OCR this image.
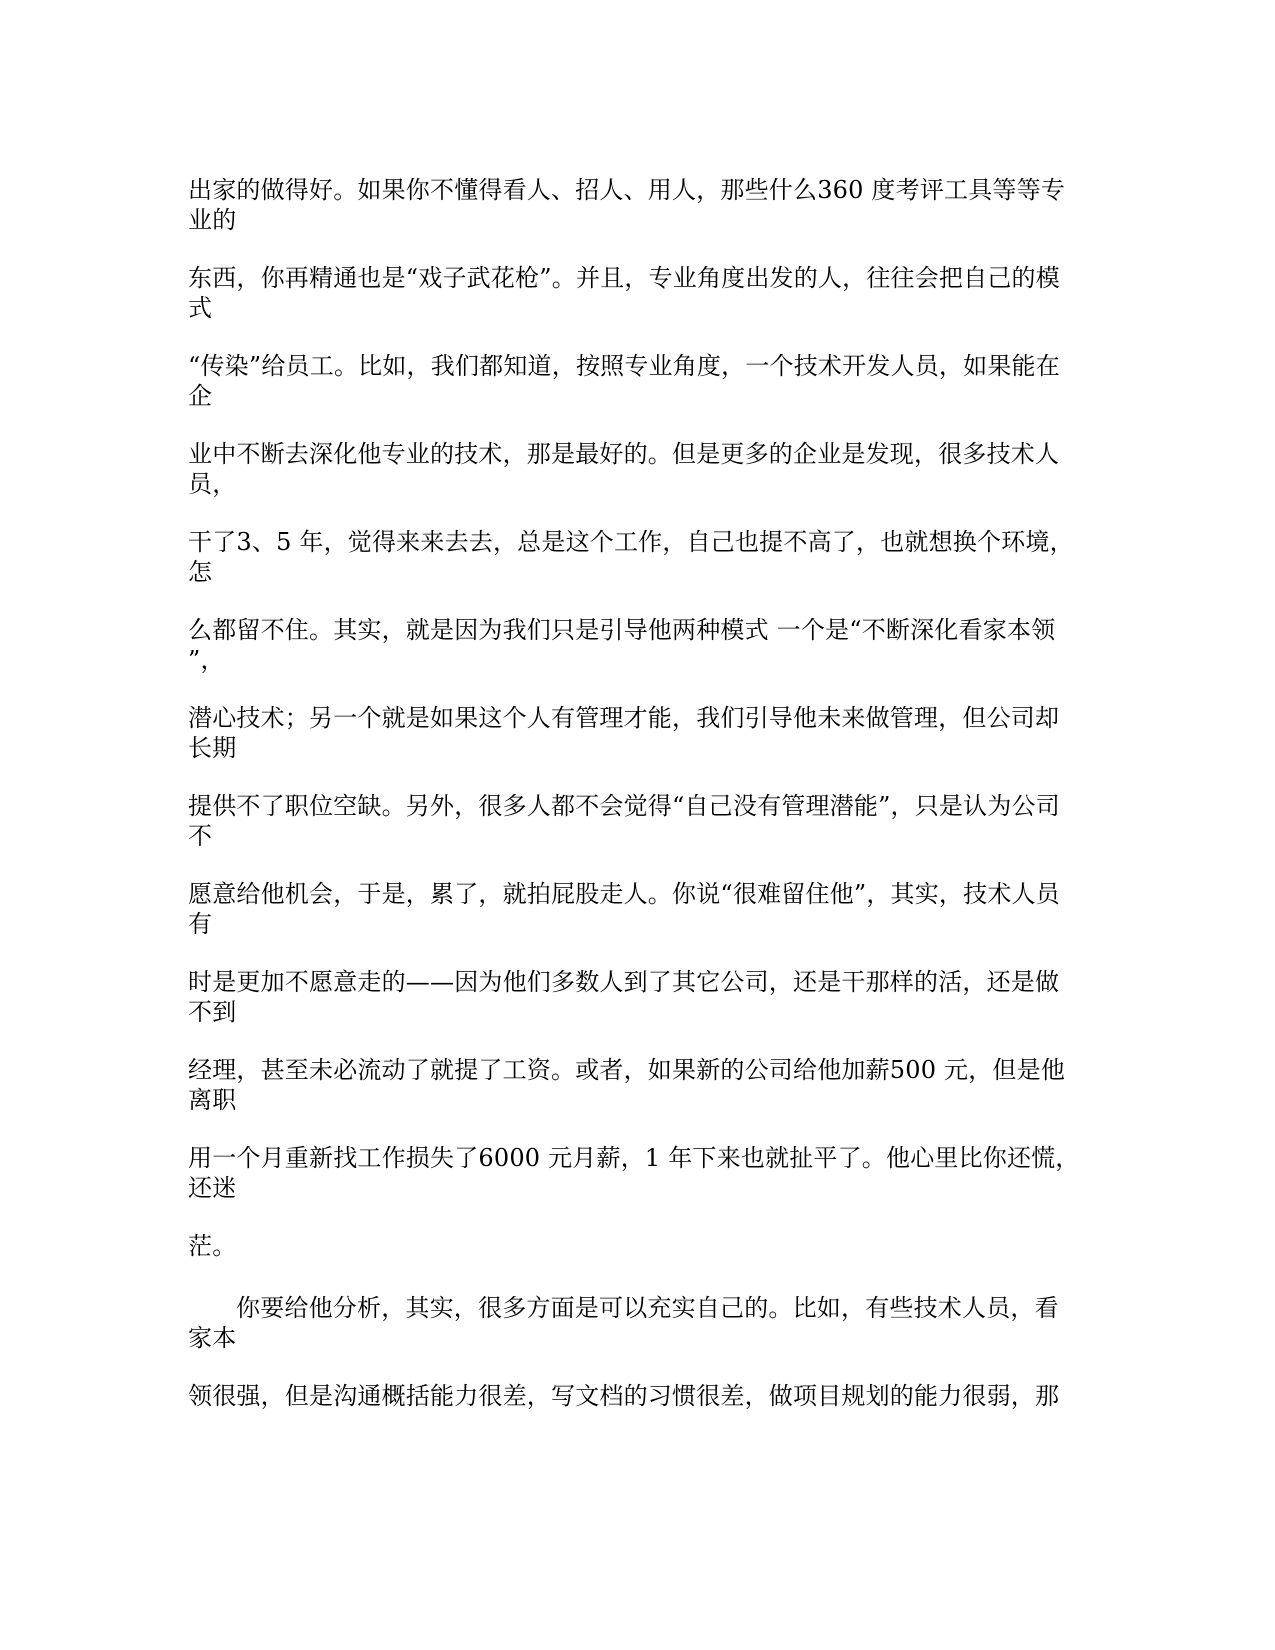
出家的做得好。如果你不懂得看人、招人、用人，那些什么360 度考评工具等等专
业的
东西，你再精通也是“戏子武花枪”。并且，专业角度出发的人，往往会把自己的模
式
“传染”给员工。比如，我们都知道，按照专业角度，一个技术开发人员，如果能在
企
业中不断去深化他专业的技术，那是最好的。但是更多的企业是发现，很多技术人
员，
干了3、5 年，觉得来来去去，总是这个工作，自己也提不高了，也就想换个环境，
怎
么都留不住。其实，就是因为我们只是引导他两种模式 一个是“不断深化看家本领
”，
潜心技术；另一个就是如果这个人有管理才能，我们引导他未来做管理，但公司却
长期
提供不了职位空缺。另外，很多人都不会觉得“自己没有管理潜能”，只是认为公司
不
愿意给他机会，于是，累了，就拍屁股走人。你说“很难留住他”，其实，技术人员
有
时是更加不愿意走的——因为他们多数人到了其它公司，还是干那样的活，还是做
不到
经理，甚至未必流动了就提了工资。或者，如果新的公司给他加薪500 元，但是他
离职
用一个月重新找工作损失了6000 元月薪，1 年下来也就扯平了。他心里比你还慌，
还迷
茫。
你要给他分析，其实，很多方面是可以充实自己的。比如，有些技术人员，看
家本
领很强，但是沟通概括能力很差，写文档的习惯很差，做项目规划的能力很弱，那
